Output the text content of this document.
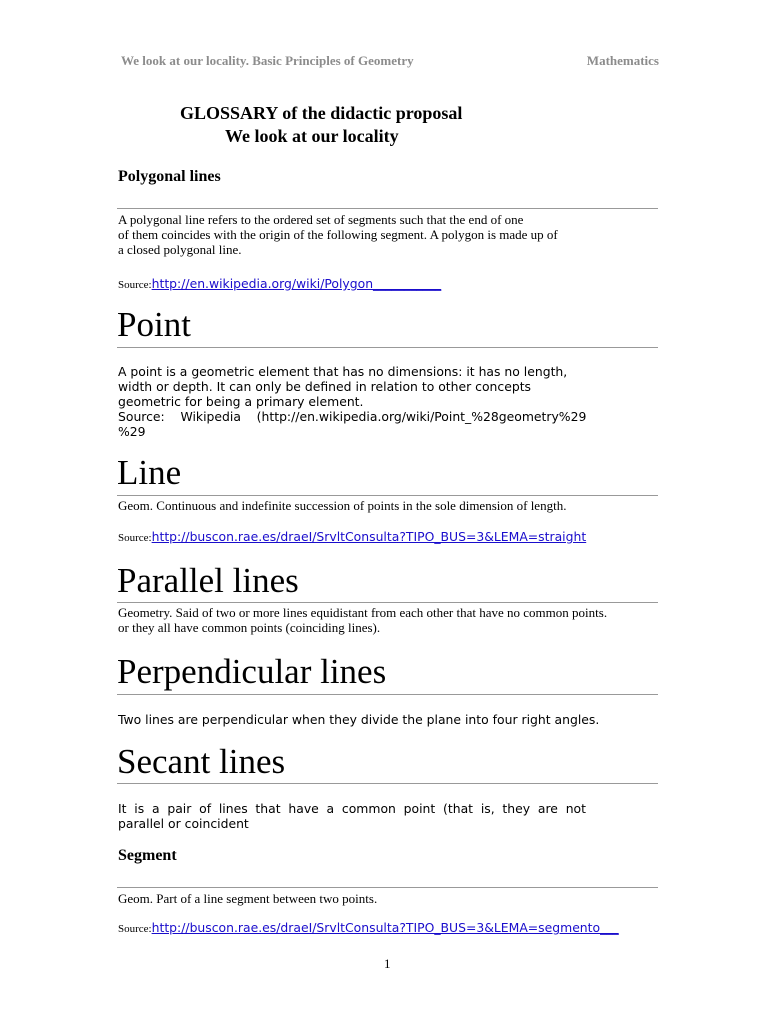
We look at our locality. Basic Principles of Geometry	Mathematics
GLOSSARY of the didactic proposal
We look at our locality
Polygonal lines
A polygonal line refers to the ordered set of segments such that the end of one
of them coincides with the origin of the following segment. A polygon is made up of
a closed polygonal line.
Source:http://en.wikipedia.org/wiki/Polygon___________
Point
A point is a geometric element that has no dimensions: it has no length,
width or depth. It can only be defined in relation to other concepts
geometric for being a primary element.
Source:    Wikipedia    (http://en.wikipedia.org/wiki/Point_%28geometry%29
%29
Line
Geom. Continuous and indefinite succession of points in the sole dimension of length.
Source:http://buscon.rae.es/draeI/SrvltConsulta?TIPO_BUS=3&LEMA=straight
Parallel lines
Geometry. Said of two or more lines equidistant from each other that have no common points.
or they all have common points (coinciding lines).
Perpendicular lines
Two lines are perpendicular when they divide the plane into four right angles.
Secant lines
It is a pair of lines that have a common point (that is, they are not
parallel or coincident
Segment
Geom. Part of a line segment between two points.
Source:http://buscon.rae.es/draeI/SrvltConsulta?TIPO_BUS=3&LEMA=segmento___
1
